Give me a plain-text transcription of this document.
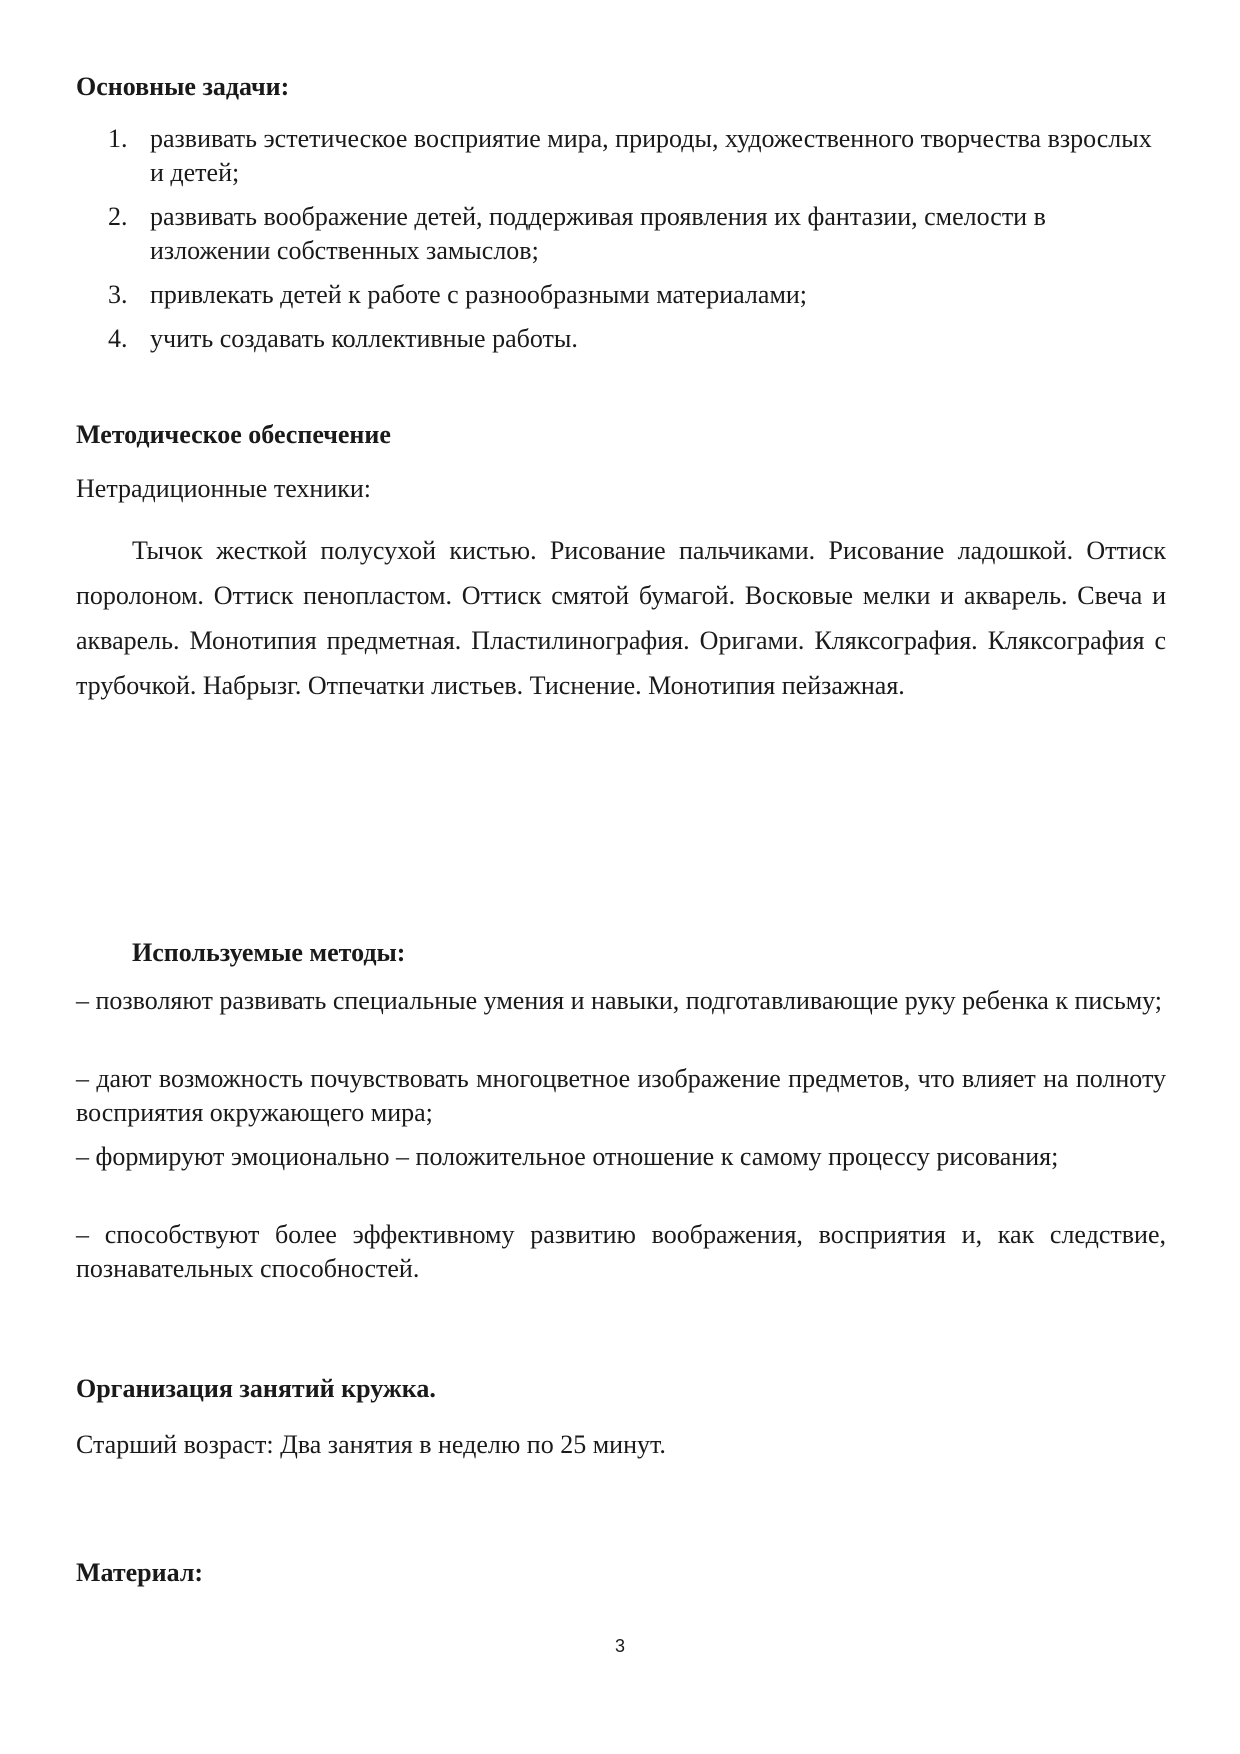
Основные задачи:
1. развивать эстетическое восприятие мира, природы, художественного творчества взрослых и детей;
2. развивать воображение детей, поддерживая проявления их фантазии, смелости в изложении собственных замыслов;
3. привлекать детей к работе с разнообразными материалами;
4. учить создавать коллективные работы.
Методическое обеспечение
Нетрадиционные техники:
Тычок жесткой полусухой кистью. Рисование пальчиками. Рисование ладошкой. Оттиск поролоном. Оттиск пенопластом. Оттиск смятой бумагой. Восковые мелки и акварель. Свеча и акварель. Монотипия предметная. Пластилинография. Оригами. Кляксография. Кляксография с трубочкой. Набрызг. Отпечатки листьев. Тиснение. Монотипия пейзажная.
Используемые методы:
– позволяют развивать специальные умения и навыки, подготавливающие руку ребенка к письму;
– дают возможность почувствовать многоцветное изображение предметов, что влияет на полноту восприятия окружающего мира;
– формируют эмоционально – положительное отношение к самому процессу рисования;
– способствуют более эффективному развитию воображения, восприятия и, как следствие, познавательных способностей.
Организация занятий кружка.
Старший возраст: Два занятия в неделю по 25 минут.
Материал:
3
